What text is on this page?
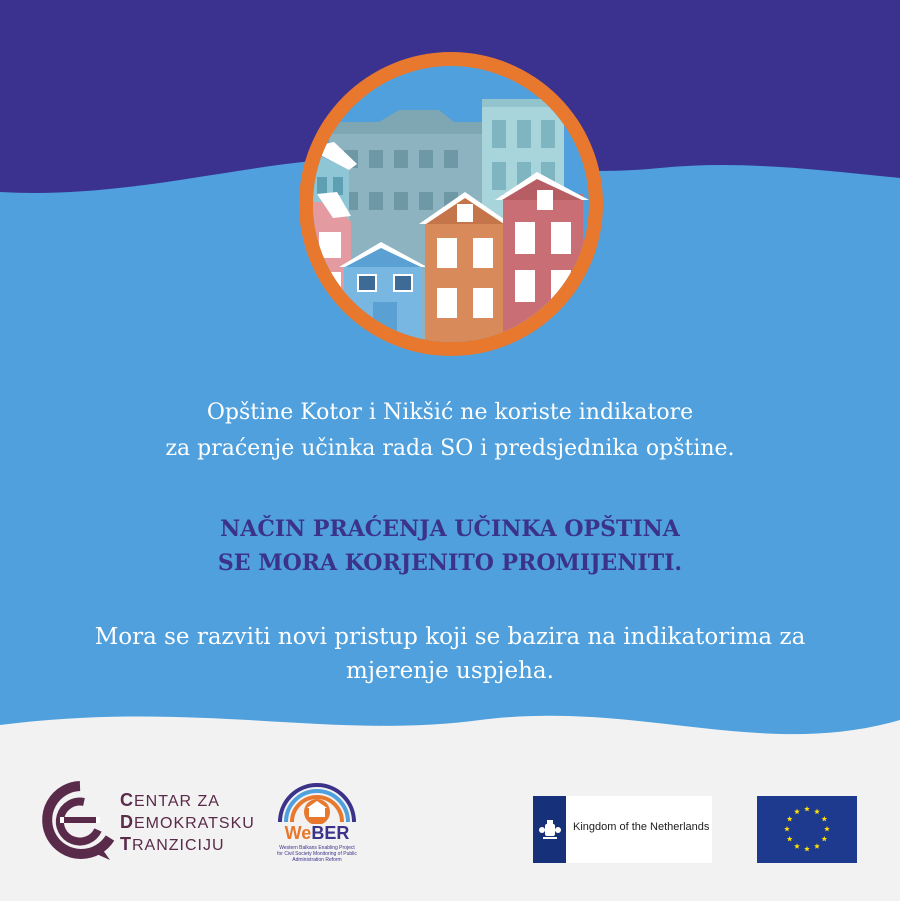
Opštine Kotor i Nikšić ne koriste indikatore
za praćenje učinka rada SO i predsjednika opštine.
NAČIN PRAĆENJA UČINKA OPŠTINA
SE MORA KORJENITO PROMIJENITI.
Mora se razviti novi pristup koji se bazira na indikatorima za
mjerenje uspjeha.
CENTAR ZA
DEMOKRATSKU
TRANZICIJU
WeBER
Western Balkans Enabling Project for Civil Society Monitoring of Public Administration Reform
Kingdom of the Netherlands
